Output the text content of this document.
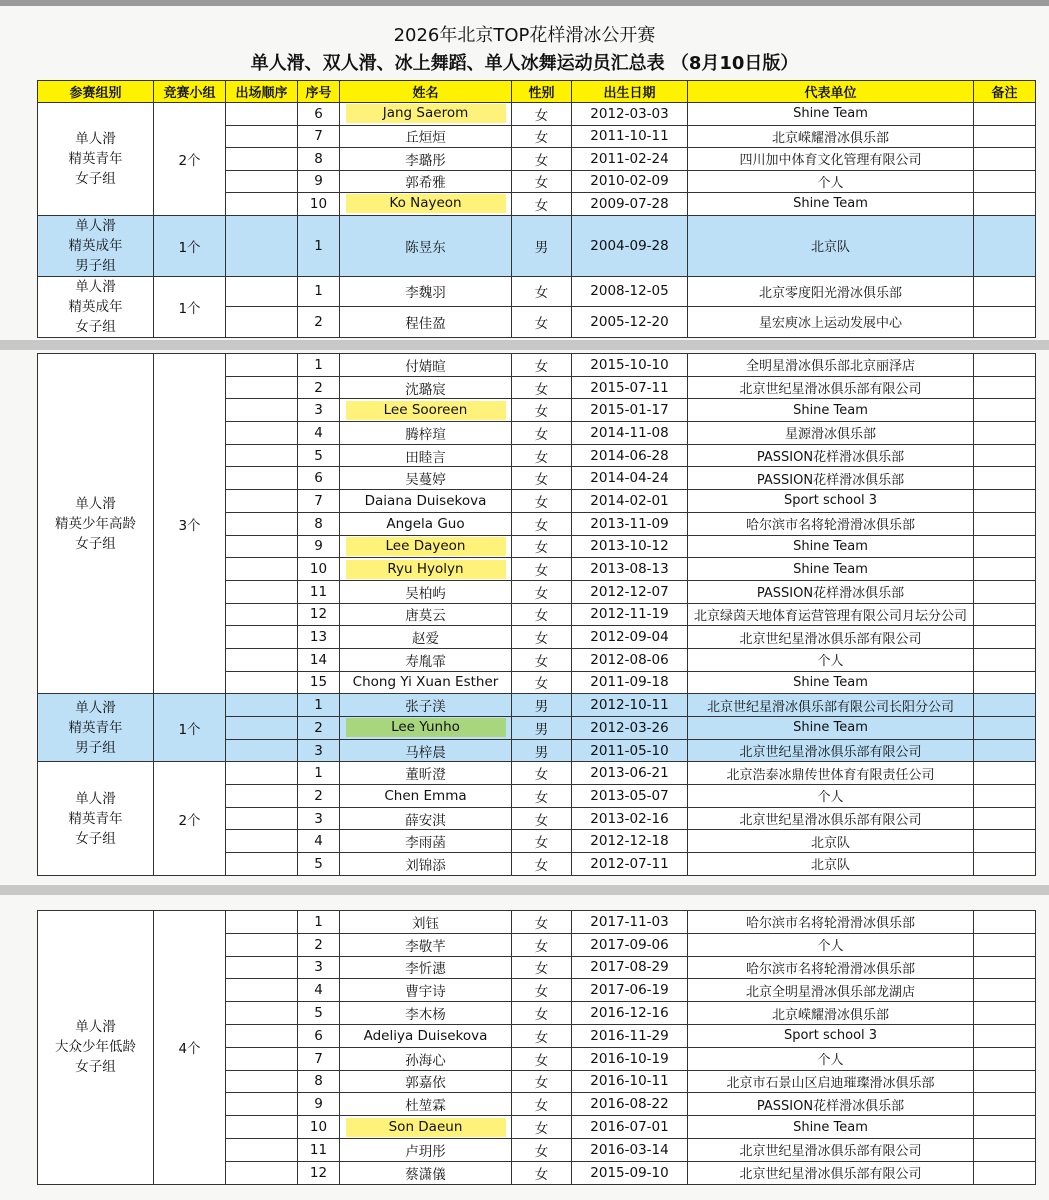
2026年北京TOP花样滑冰公开赛
单人滑、双人滑、冰上舞蹈、单人冰舞运动员汇总表 （8月10日版）
参赛组别	竞赛小组	出场顺序	序号	姓名	性别	出生日期	代表单位	备注

单人滑
精英青年
女子组	2个		6	Jang Saerom	女	2012-03-03	Shine Team	
			7	丘烜烜	女	2011-10-11	北京嵘耀滑冰俱乐部	
			8	李璐彤	女	2011-02-24	四川加中体育文化管理有限公司	
			9	郭希雅	女	2010-02-09	个人	
			10	Ko Nayeon	女	2009-07-28	Shine Team	

单人滑
精英成年
男子组	1个		1	陈昱东	男	2004-09-28	北京队	

单人滑
精英成年
女子组	1个		1	李魏羽	女	2008-12-05	北京零度阳光滑冰俱乐部	
			2	程佳盈	女	2005-12-20	星宏庾冰上运动发展中心	
单人滑
精英少年高龄
女子组	3个		1	付婧暄	女	2015-10-10	全明星滑冰俱乐部北京丽泽店	
			2	沈璐宸	女	2015-07-11	北京世纪星滑冰俱乐部有限公司	
			3	Lee Sooreen	女	2015-01-17	Shine Team	
			4	腾梓瑄	女	2014-11-08	星源滑冰俱乐部	
			5	田睦言	女	2014-06-28	PASSION花样滑冰俱乐部	
			6	吴蔓婷	女	2014-04-24	PASSION花样滑冰俱乐部	
			7	Daiana Duisekova	女	2014-02-01	Sport school 3	
			8	Angela Guo	女	2013-11-09	哈尔滨市名将轮滑滑冰俱乐部	
			9	Lee Dayeon	女	2013-10-12	Shine Team	
			10	Ryu Hyolyn	女	2013-08-13	Shine Team	
			11	吴柏屿	女	2012-12-07	PASSION花样滑冰俱乐部	
			12	唐莫云	女	2012-11-19	北京绿茵天地体育运营管理有限公司月坛分公司	
			13	赵爱	女	2012-09-04	北京世纪星滑冰俱乐部有限公司	
			14	寿胤霏	女	2012-08-06	个人	
			15	Chong Yi Xuan Esther	女	2011-09-18	Shine Team	

单人滑
精英青年
男子组	1个		1	张子渼	男	2012-10-11	北京世纪星滑冰俱乐部有限公司长阳分公司	
			2	Lee Yunho	男	2012-03-26	Shine Team	
			3	马梓晨	男	2011-05-10	北京世纪星滑冰俱乐部有限公司	

单人滑
精英青年
女子组	2个		1	董昕澄	女	2013-06-21	北京浩泰冰鼎传世体育有限责任公司	
			2	Chen Emma	女	2013-05-07	个人	
			3	薛安淇	女	2013-02-16	北京世纪星滑冰俱乐部有限公司	
			4	李雨菡	女	2012-12-18	北京队	
			5	刘锦添	女	2012-07-11	北京队	
单人滑
大众少年低龄
女子组	4个		1	刘钰	女	2017-11-03	哈尔滨市名将轮滑滑冰俱乐部	
			2	李敬芊	女	2017-09-06	个人	
			3	李忻潓	女	2017-08-29	哈尔滨市名将轮滑滑冰俱乐部	
			4	曹宇诗	女	2017-06-19	北京全明星滑冰俱乐部龙湖店	
			5	李木杨	女	2016-12-16	北京嵘耀滑冰俱乐部	
			6	Adeliya Duisekova	女	2016-11-29	Sport school 3	
			7	孙海心	女	2016-10-19	个人	
			8	郭嘉依	女	2016-10-11	北京市石景山区启迪璀璨滑冰俱乐部	
			9	杜堃霖	女	2016-08-22	PASSION花样滑冰俱乐部	
			10	Son Daeun	女	2016-07-01	Shine Team	
			11	卢玥彤	女	2016-03-14	北京世纪星滑冰俱乐部有限公司	
			12	蔡潇儀	女	2015-09-10	北京世纪星滑冰俱乐部有限公司	
